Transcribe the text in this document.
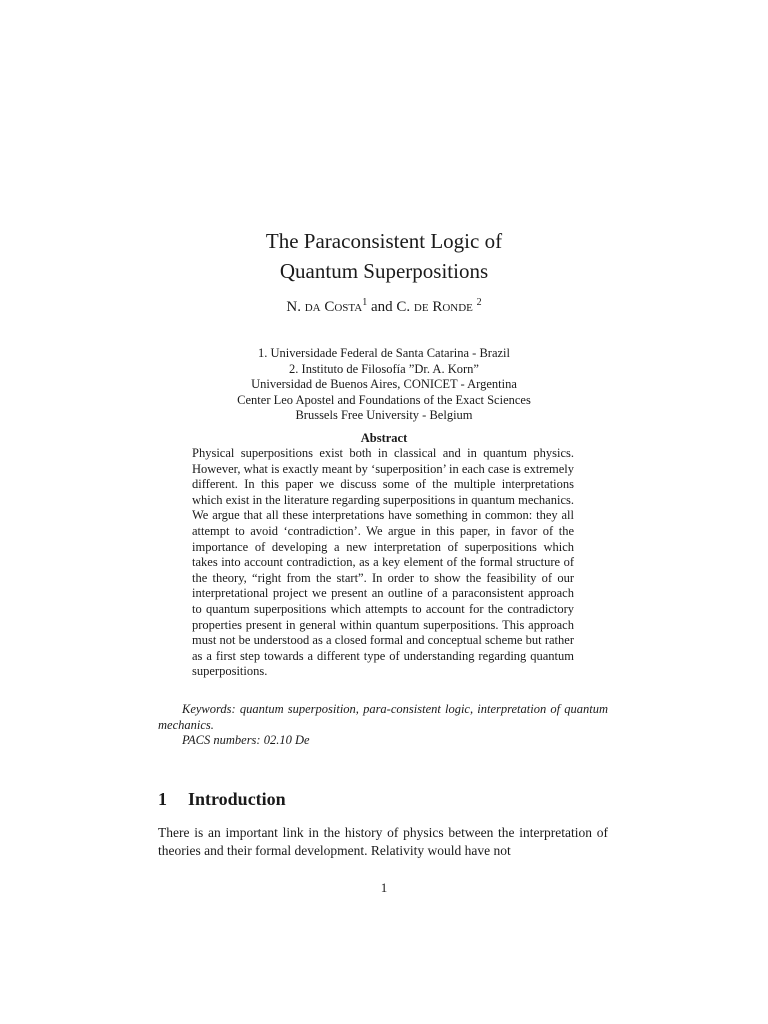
The Paraconsistent Logic of
Quantum Superpositions
N. da Costa$^1$ and C. de Ronde $^2$
1. Universidade Federal de Santa Catarina - Brazil
2. Instituto de Filosofía ”Dr. A. Korn”
Universidad de Buenos Aires, CONICET - Argentina
Center Leo Apostel and Foundations of the Exact Sciences
Brussels Free University - Belgium
Abstract
Physical superpositions exist both in classical and in quantum physics. However, what is exactly meant by ‘superposition’ in each case is extremely different. In this paper we discuss some of the multiple interpretations which exist in the literature regarding superpositions in quantum mechanics. We argue that all these interpretations have something in common: they all attempt to avoid ‘contradiction’. We argue in this paper, in favor of the importance of developing a new interpretation of superpositions which takes into account contradiction, as a key element of the formal structure of the theory, “right from the start”. In order to show the feasibility of our interpretational project we present an outline of a paraconsistent approach to quantum superpositions which attempts to account for the contradictory properties present in general within quantum superpositions. This approach must not be understood as a closed formal and conceptual scheme but rather as a first step towards a different type of understanding regarding quantum superpositions.
Keywords: quantum superposition, para-consistent logic, interpretation of quantum mechanics.
PACS numbers: 02.10 De
1 Introduction
There is an important link in the history of physics between the interpretation of theories and their formal development. Relativity would have not
1
